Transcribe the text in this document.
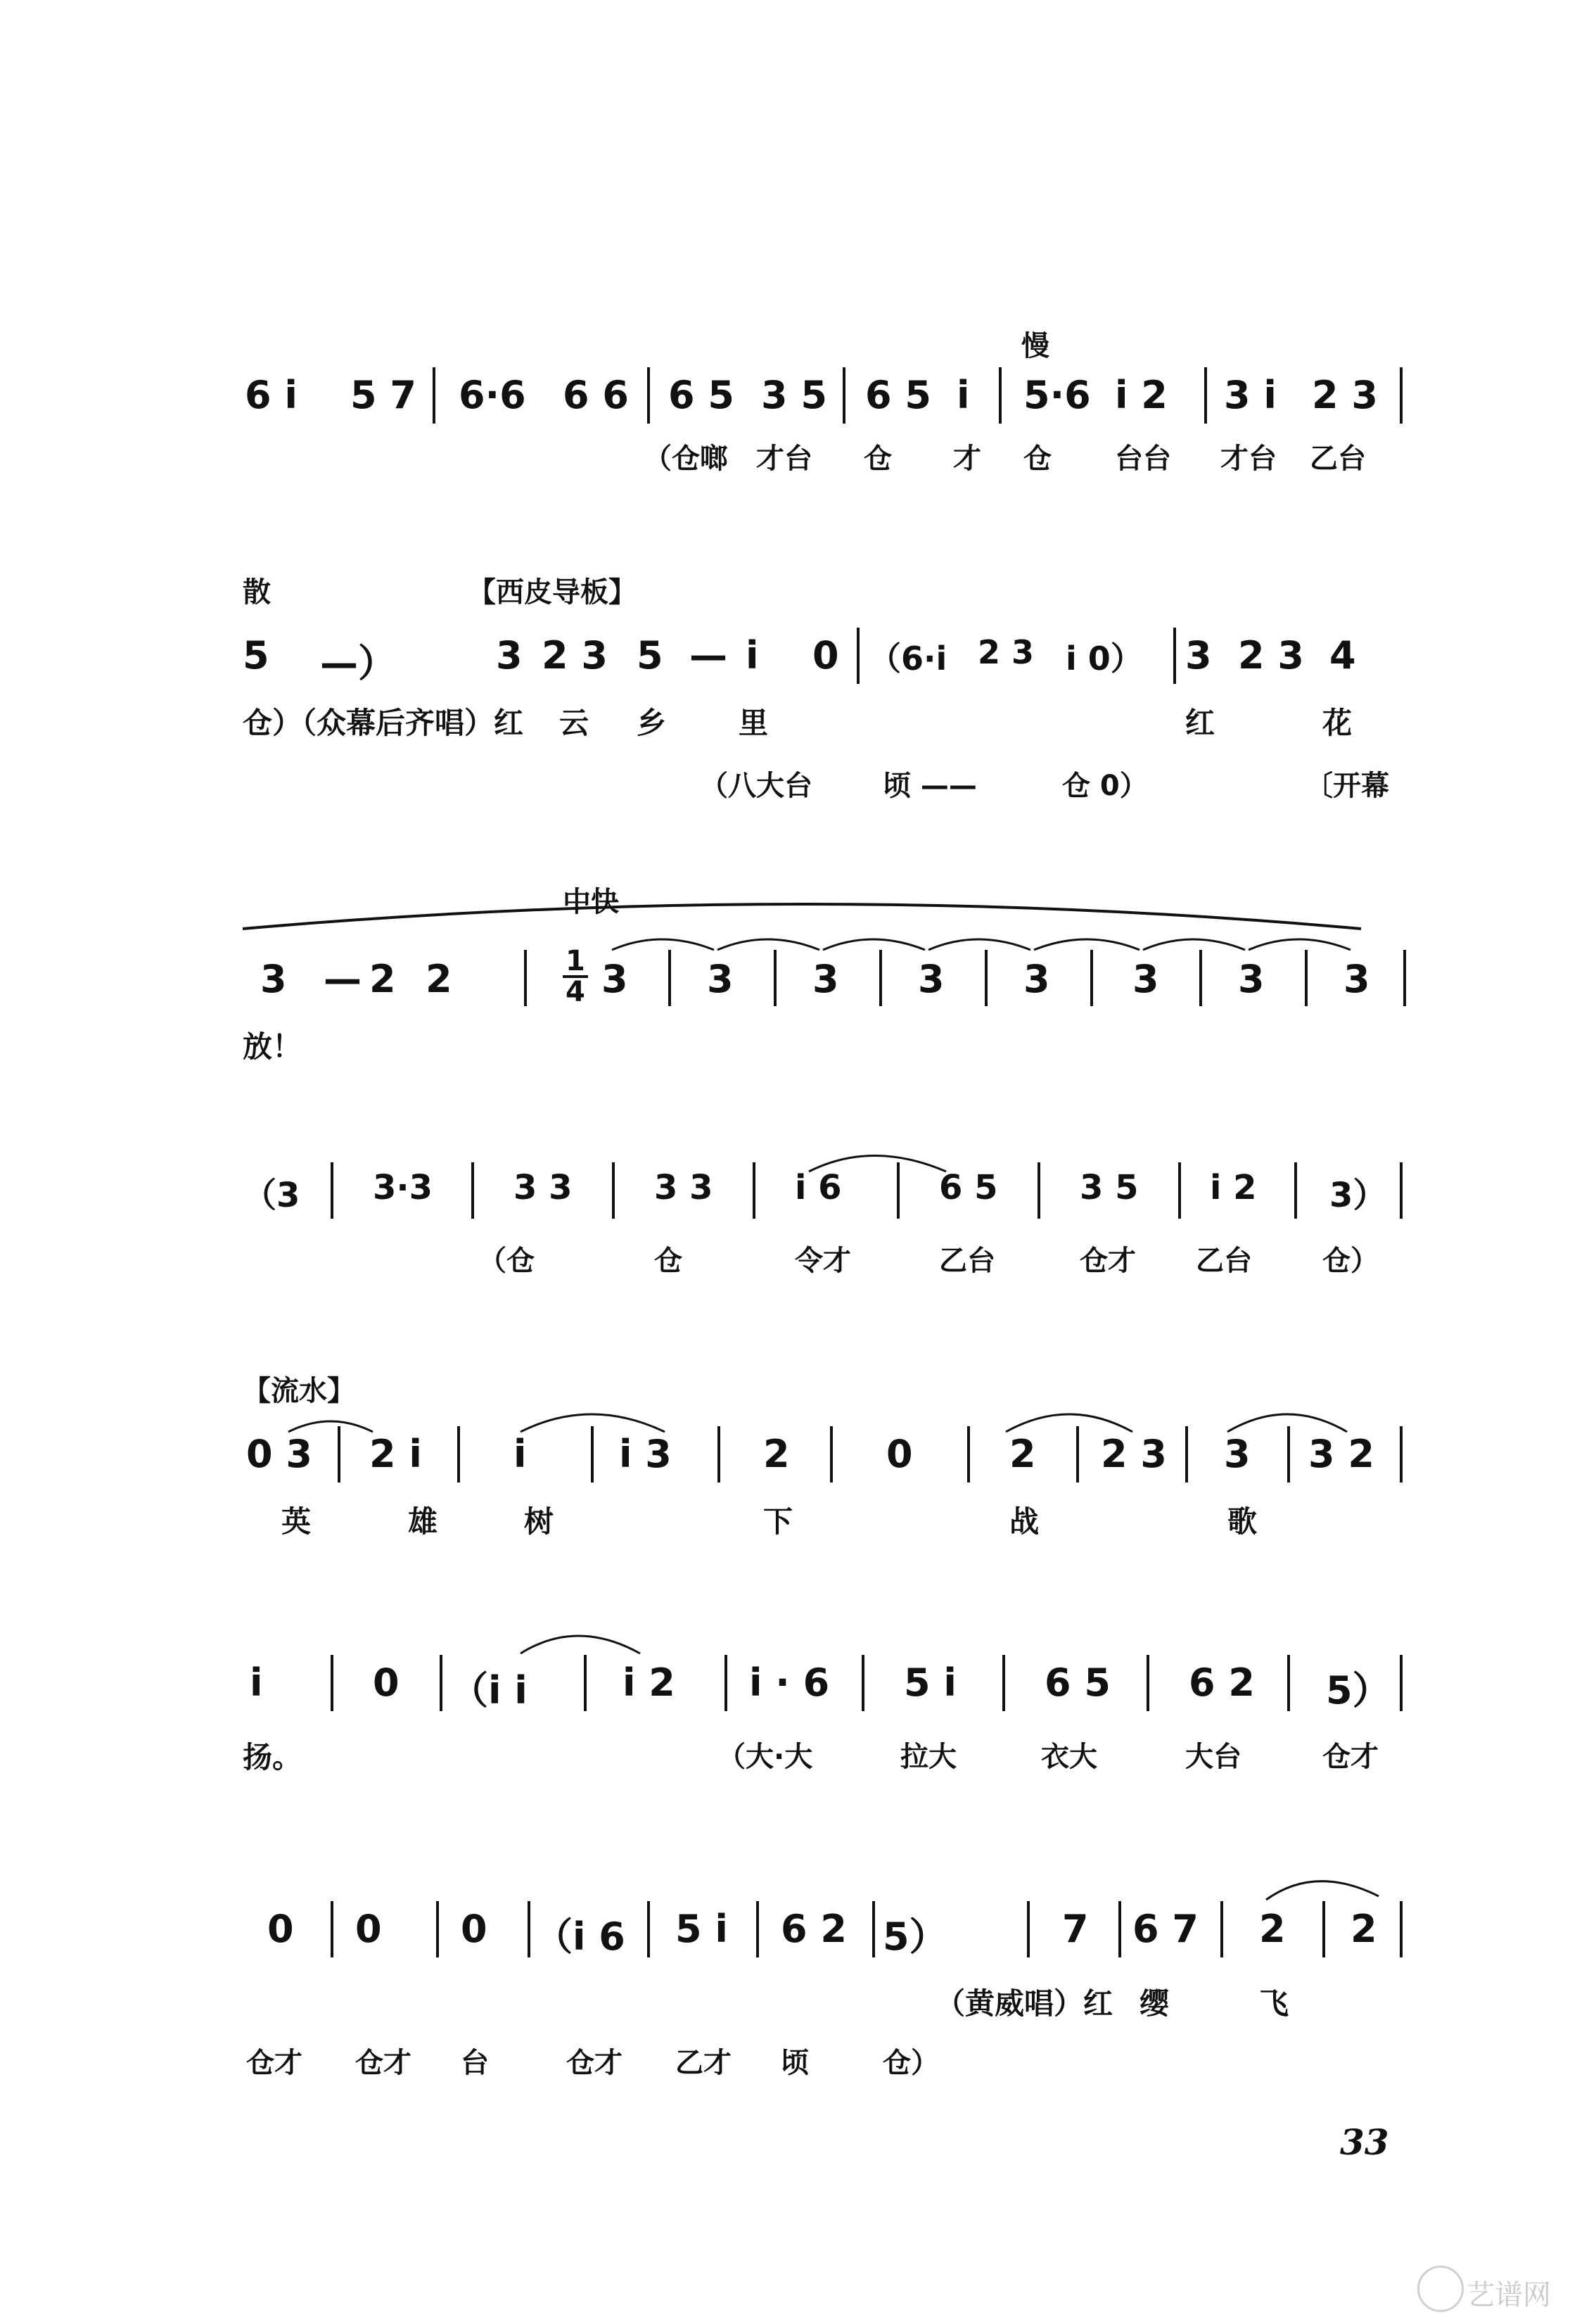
慢
6 i 5 7 6·6 6 6 6 5 3 5 6 5 i 5·6 i 2 3 i 2 3
（仓啷 才台 仓 才 仓 台台 才台 乙台
散	【西皮导板】
5 —）	3 2 3 5 — i 0 （6·i 2 3 i 0） 3 2 3 4
仓）（众幕后齐唱）红 云 乡 里	红	花
（八大台	顷 ——	仓 0）	〔开幕
中快
3 — 2 2	1
4 3 3 3 3 3 3 3 3
放！
（3 3·3 3 3 3 3 i 6	6 5 3 5 i 2 3）
（仓	仓	令才	乙台	仓才 乙台	仓）
【流水】
0 3 2 i i i 3 2	0	2 2 3 3 3 2
英	雄	树	下	战	歌
i	0 （i i	i 2 i · 6 5 i 6 5 6 2 5）
扬。	（大·大	拉大	衣大	大台	仓才
0 0 0 （i 6 5 i 6 2 5）	7 6 7 2 2
（黄威唱）红 缨	飞
仓才 仓才 台	仓才 乙才 顷	仓）
33
艺谱网
